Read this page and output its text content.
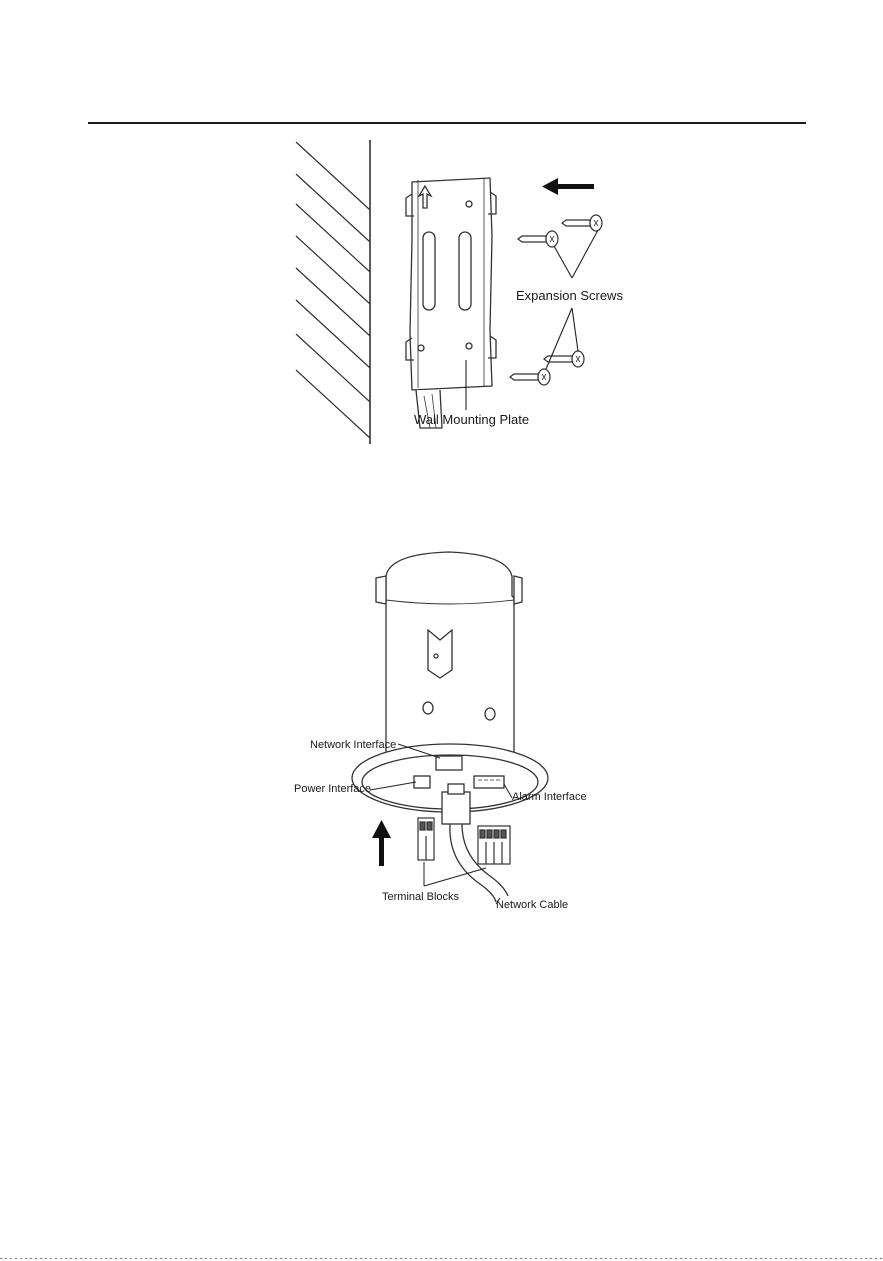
Expansion Screws
Wall Mounting Plate
Network Interface
Power Interface
Alarm Interface
Terminal Blocks
Network Cable
